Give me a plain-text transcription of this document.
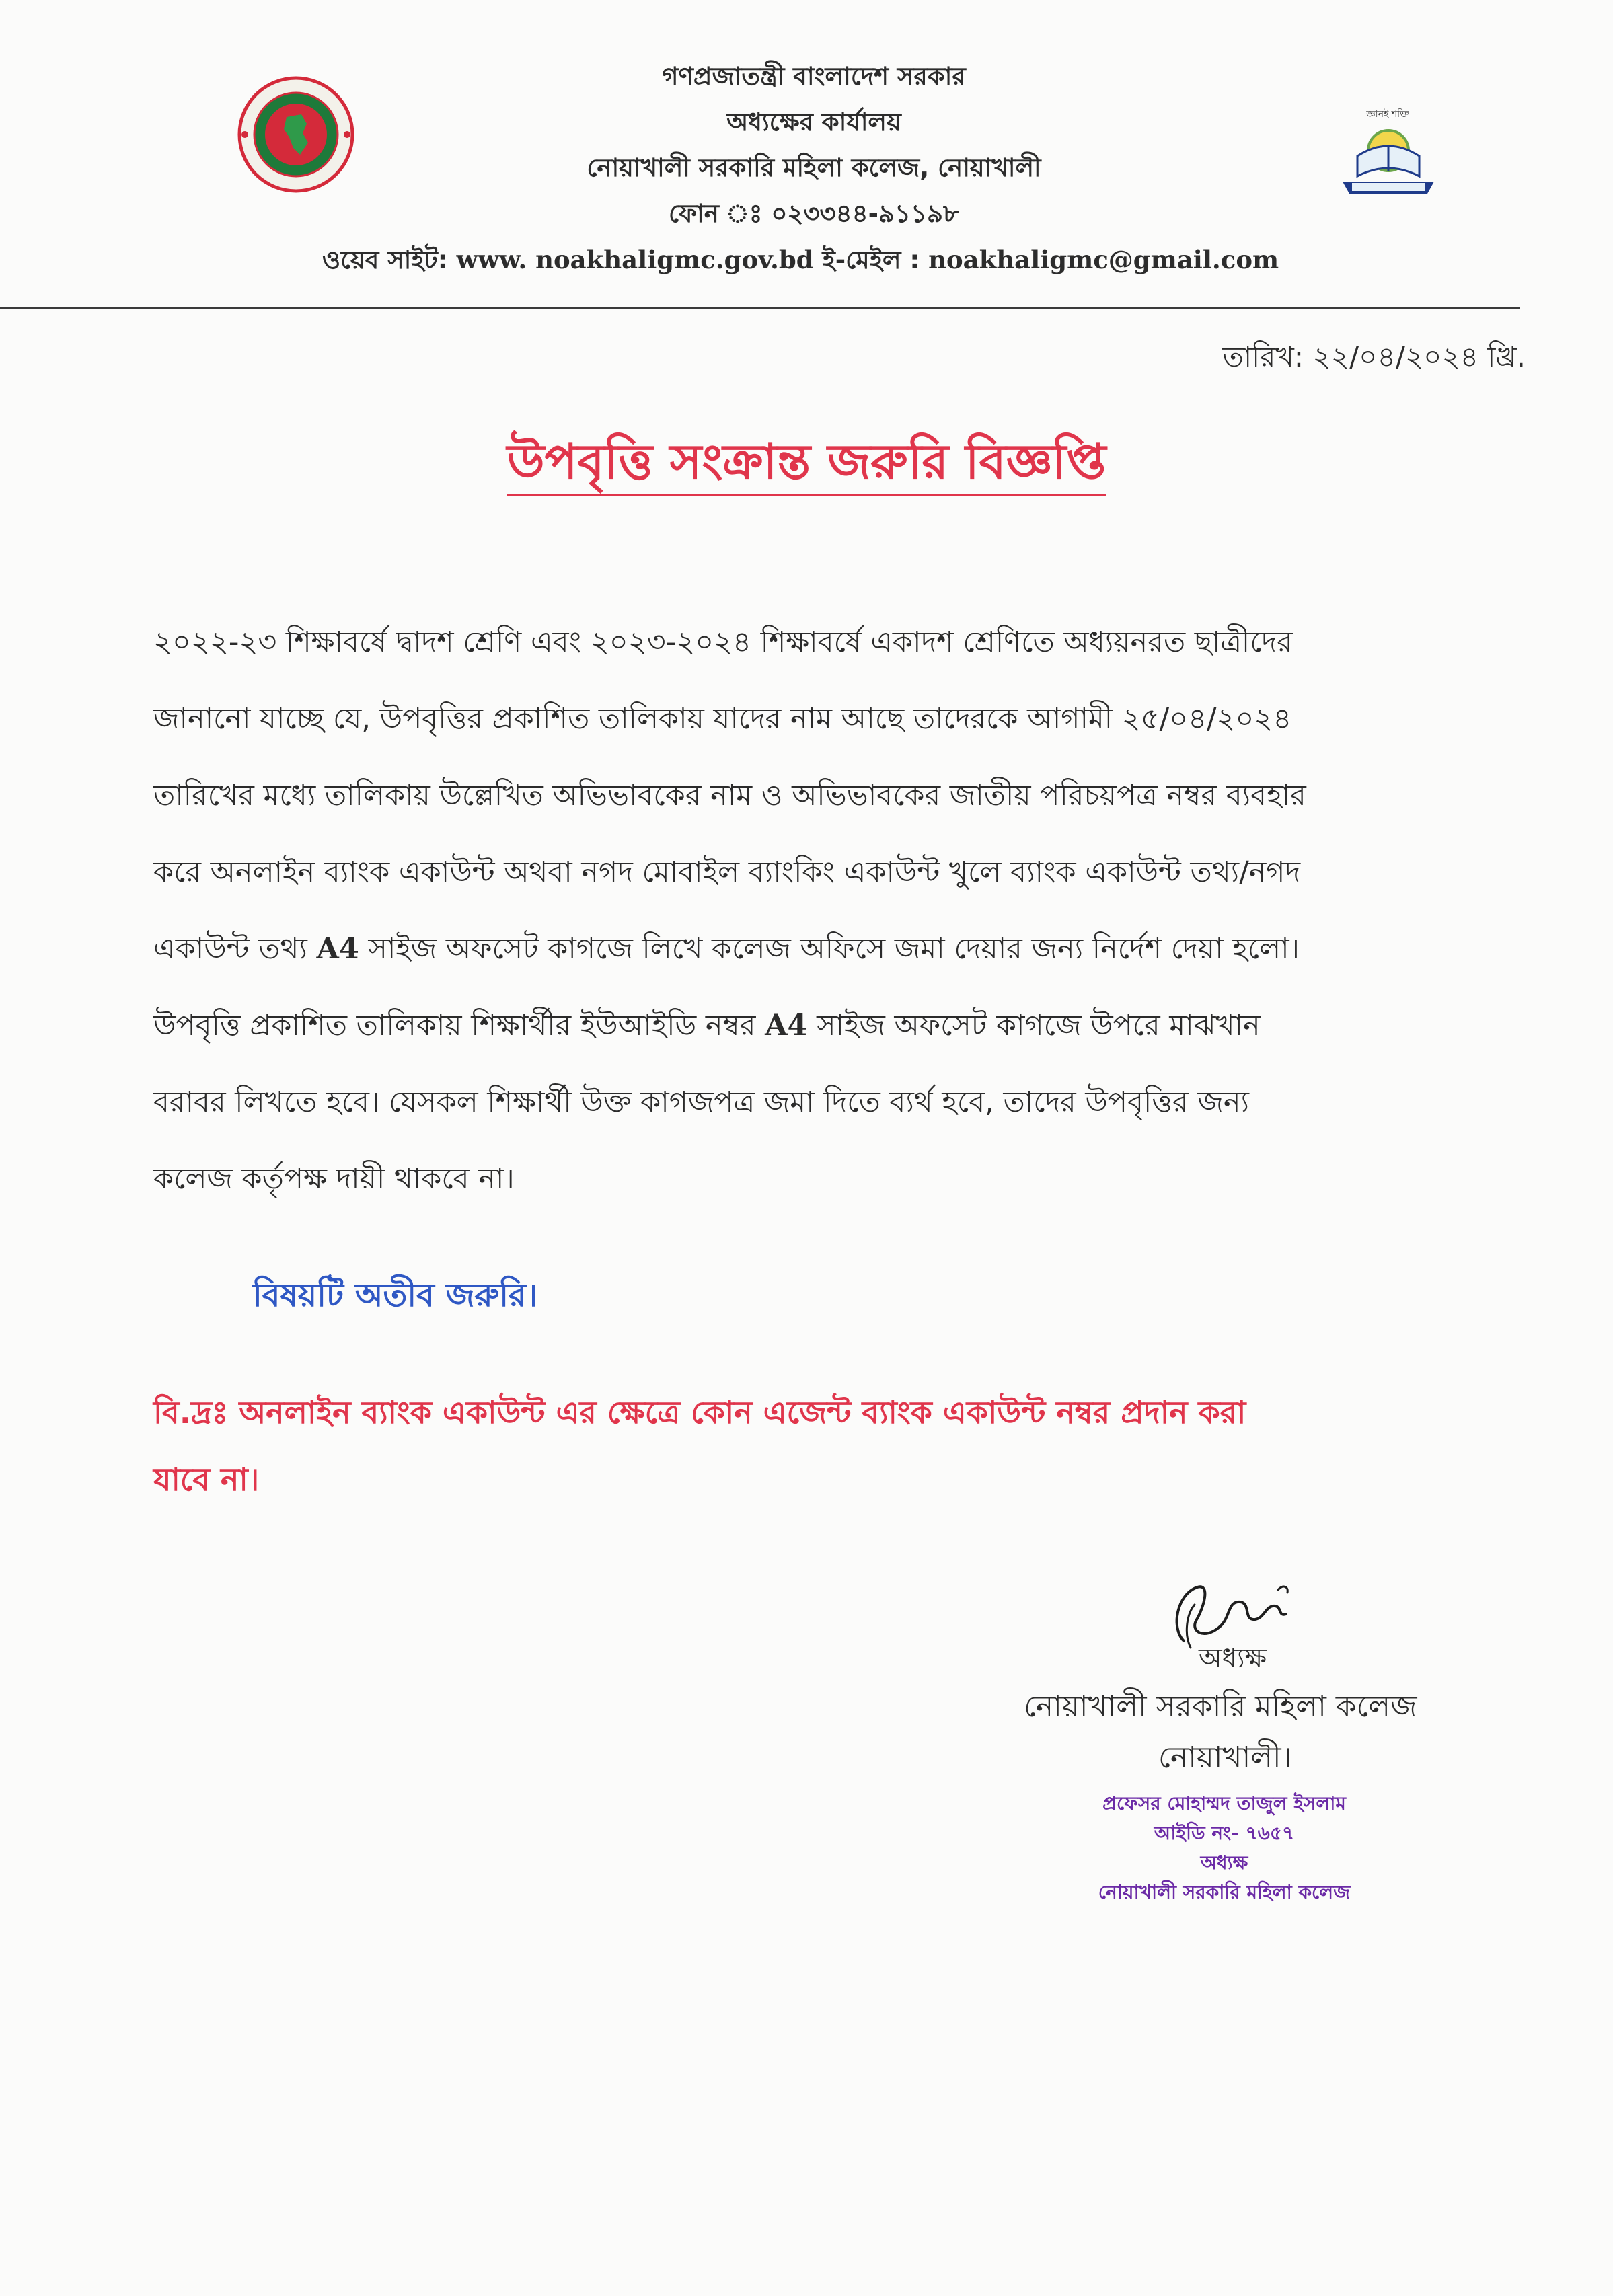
জ্ঞানই শক্তি
গণপ্রজাতন্ত্রী বাংলাদেশ সরকার
অধ্যক্ষের কার্যালয়
নোয়াখালী সরকারি মহিলা কলেজ, নোয়াখালী
ফোন ঃ ০২৩৩৪৪-৯১১৯৮
ওয়েব সাইট: www. noakhaligmc.gov.bd ই-মেইল : noakhaligmc@gmail.com
তারিখ: ২২/০৪/২০২৪ খ্রি.
উপবৃত্তি সংক্রান্ত জরুরি বিজ্ঞপ্তি

২০২২-২৩ শিক্ষাবর্ষে দ্বাদশ শ্রেণি এবং ২০২৩-২০২৪ শিক্ষাবর্ষে একাদশ শ্রেণিতে অধ্যয়নরত ছাত্রীদের

জানানো যাচ্ছে যে, উপবৃত্তির প্রকাশিত তালিকায় যাদের নাম আছে তাদেরকে আগামী ২৫/০৪/২০২৪

তারিখের মধ্যে তালিকায় উল্লেখিত অভিভাবকের নাম ও অভিভাবকের জাতীয় পরিচয়পত্র নম্বর ব্যবহার

করে অনলাইন ব্যাংক একাউন্ট অথবা নগদ মোবাইল ব্যাংকিং একাউন্ট খুলে ব্যাংক একাউন্ট তথ্য/নগদ

একাউন্ট তথ্য A4 সাইজ অফসেট কাগজে লিখে কলেজ অফিসে জমা দেয়ার জন্য নির্দেশ দেয়া হলো।

উপবৃত্তি প্রকাশিত তালিকায় শিক্ষার্থীর ইউআইডি নম্বর A4 সাইজ অফসেট কাগজে উপরে মাঝখান

বরাবর লিখতে হবে। যেসকল শিক্ষার্থী উক্ত কাগজপত্র জমা দিতে ব্যর্থ হবে, তাদের উপবৃত্তির জন্য

কলেজ কর্তৃপক্ষ দায়ী থাকবে না।

বিষয়টি অতীব জরুরি।

বি.দ্রঃ অনলাইন ব্যাংক একাউন্ট এর ক্ষেত্রে কোন এজেন্ট ব্যাংক একাউন্ট নম্বর প্রদান করা

যাবে না।

অধ্যক্ষ
নোয়াখালী সরকারি মহিলা কলেজ
নোয়াখালী।
প্রফেসর মোহাম্মদ তাজুল ইসলাম
আইডি নং- ৭৬৫৭
অধ্যক্ষ
নোয়াখালী সরকারি মহিলা কলেজ
